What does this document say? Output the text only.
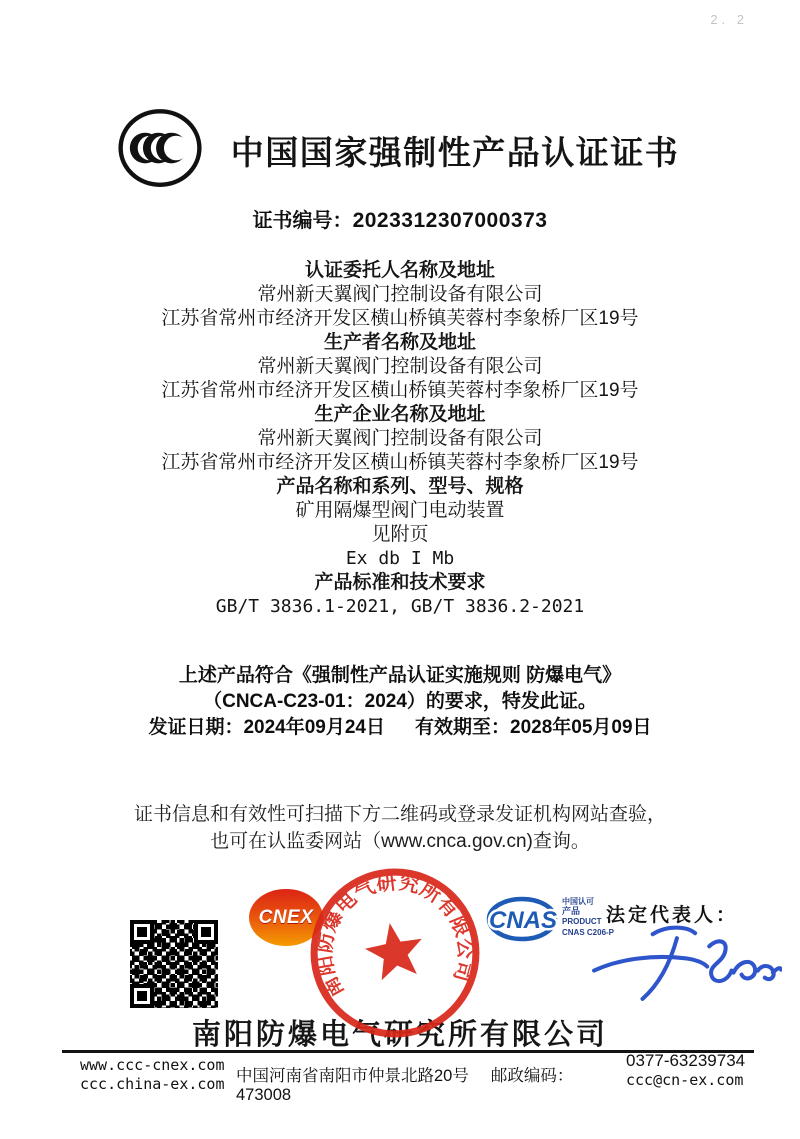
2. 2
中国国家强制性产品认证证书
证书编号：2023312307000373
认证委托人名称及地址
常州新天翼阀门控制设备有限公司
江苏省常州市经济开发区横山桥镇芙蓉村李象桥厂区19号
生产者名称及地址
常州新天翼阀门控制设备有限公司
江苏省常州市经济开发区横山桥镇芙蓉村李象桥厂区19号
生产企业名称及地址
常州新天翼阀门控制设备有限公司
江苏省常州市经济开发区横山桥镇芙蓉村李象桥厂区19号
产品名称和系列、型号、规格
矿用隔爆型阀门电动装置
见附页
Ex db I Mb
产品标准和技术要求
GB/T 3836.1-2021, GB/T 3836.2-2021
上述产品符合《强制性产品认证实施规则 防爆电气》
（CNCA-C23-01：2024）的要求，特发此证。
发证日期：2024年09月24日 有效期至：2028年05月09日
证书信息和有效性可扫描下方二维码或登录发证机构网站查验，
也可在认监委网站（www.cnca.gov.cn)查询。
CNEX
南阳防爆电气研究所有限公司
CNAS
中国认可
产品
PRODUCT
CNAS C206-P
法定代表人：
南阳防爆电气研究所有限公司
www.ccc-cnex.com
ccc.china-ex.com 中国河南省南阳市仲景北路20号 邮政编码：473008
0377-63239734
ccc@cn-ex.com
